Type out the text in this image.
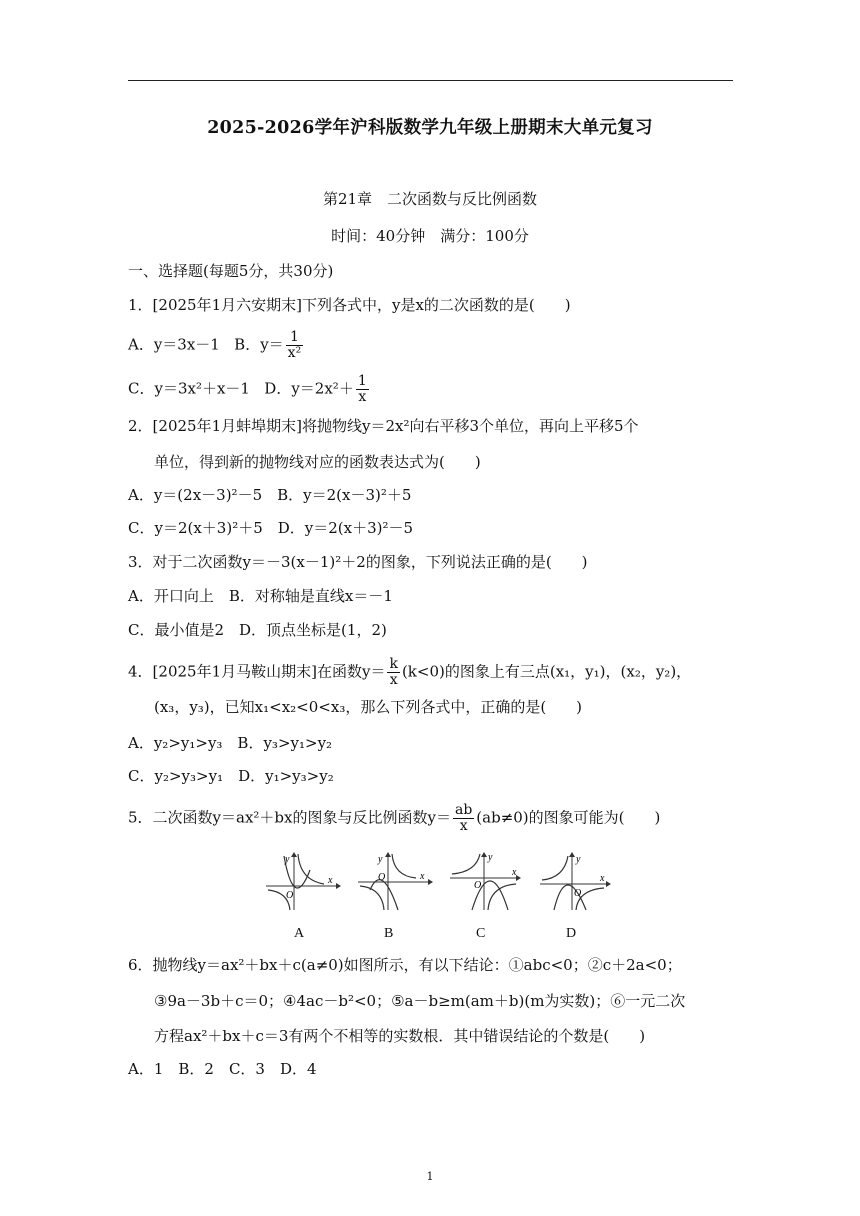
2025-2026学年沪科版数学九年级上册期末大单元复习
第21章　二次函数与反比例函数
时间：40分钟　满分：100分
一、选择题(每题5分，共30分)
1．[2025年1月六安期末]下列各式中，y是x的二次函数的是(　　)
A．y＝3x－1 B．$y= \frac{1}{\text{x²}}$
C．y＝3x²＋x－1 D．$y=2x^2+ \frac{1}{x}$
2．[2025年1月蚌埠期末]将抛物线y＝2x²向右平移3个单位，再向上平移5个
单位，得到新的抛物线对应的函数表达式为(　　)
A．y＝(2x－3)²－5　B．y＝2(x－3)²＋5
C．y＝2(x＋3)²＋5　D．y＝2(x＋3)²－5
3．对于二次函数y＝－3(x－1)²＋2的图象，下列说法正确的是(　　)
A．开口向上　B．对称轴是直线x＝－1
C．最小值是2　D．顶点坐标是(1，2)
4．[2025年1月马鞍山期末]在函数$y= \frac{k}{x} (k<0)$的图象上有三点(x₁，y₁)，(x₂，y₂)，
(x₃，y₃)，已知x₁<x₂<0<x₃，那么下列各式中，正确的是(　　)
A．y₂>y₁>y₃　B．y₃>y₁>y₂
C．y₂>y₃>y₁　D．y₁>y₃>y₂
5．二次函数y＝ax²＋bx的图象与反比例函数$y= \frac{ab}{x} (ab\ne 0)$的图象可能为(　　)
y
x
O
y
x
O
y
x
O
y
x
O
A	B	C	D
6．抛物线y＝ax²＋bx＋c(a≠0)如图所示，有以下结论：①abc<0；②c＋2a<0；
③9a－3b＋c＝0；④4ac－b²<0；⑤a－b≥m(am＋b)(m为实数)；⑥一元二次
方程ax²＋bx＋c＝3有两个不相等的实数根．其中错误结论的个数是(　　)
A．1　B．2　C．3　D．4
1
